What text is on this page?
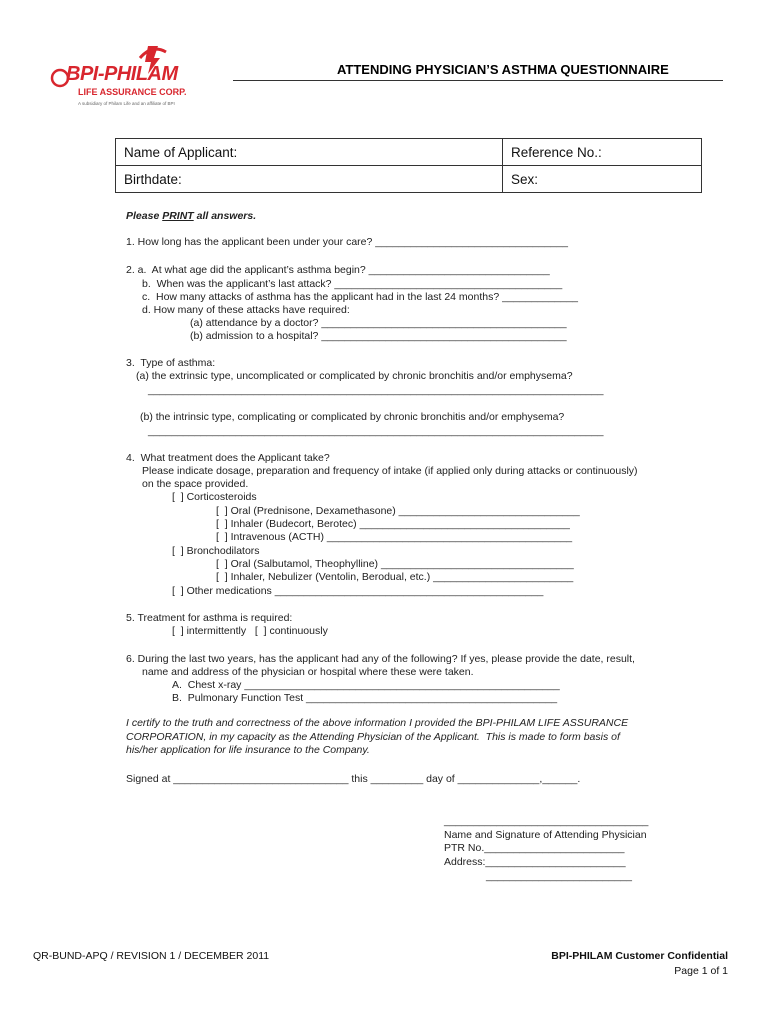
BPI-PHILAM
LIFE ASSURANCE CORP.
A subsidiary of Philam Life and an affiliate of BPI
ATTENDING PHYSICIAN’S ASTHMA QUESTIONNAIRE
Name of Applicant:	Reference No.:
Birthdate:	Sex:
Please PRINT all answers.
1. How long has the applicant been under your care? _________________________________
2. a.  At what age did the applicant’s asthma begin? _______________________________
b.  When was the applicant’s last attack? _______________________________________
c.  How many attacks of asthma has the applicant had in the last 24 months? _____________
d. How many of these attacks have required:
(a) attendance by a doctor? __________________________________________
(b) admission to a hospital? __________________________________________
3.  Type of asthma:
(a) the extrinsic type, uncomplicated or complicated by chronic bronchitis and/or emphysema?
______________________________________________________________________________
(b) the intrinsic type, complicating or complicated by chronic bronchitis and/or emphysema?
______________________________________________________________________________
4.  What treatment does the Applicant take?
Please indicate dosage, preparation and frequency of intake (if applied only during attacks or continuously)
on the space provided.
[  ] Corticosteroids
[  ] Oral (Prednisone, Dexamethasone) _______________________________
[  ] Inhaler (Budecort, Berotec) ____________________________________
[  ] Intravenous (ACTH) __________________________________________
[  ] Bronchodilators
[  ] Oral (Salbutamol, Theophylline) _________________________________
[  ] Inhaler, Nebulizer (Ventolin, Berodual, etc.) ________________________
[  ] Other medications ______________________________________________
5. Treatment for asthma is required:
[  ] intermittently   [  ] continuously
6. During the last two years, has the applicant had any of the following? If yes, please provide the date, result,
name and address of the physician or hospital where these were taken.
A.  Chest x-ray ______________________________________________________
B.  Pulmonary Function Test ___________________________________________
I certify to the truth and correctness of the above information I provided the BPI-PHILAM LIFE ASSURANCE
CORPORATION, in my capacity as the Attending Physician of the Applicant.  This is made to form basis of
his/her application for life insurance to the Company.
Signed at ______________________________ this _________ day of ______________,______.
___________________________________
Name and Signature of Attending Physician
PTR No.________________________
Address:________________________
_________________________
QR-BUND-APQ / REVISION 1 / DECEMBER 2011	BPI-PHILAM Customer Confidential
Page 1 of 1
